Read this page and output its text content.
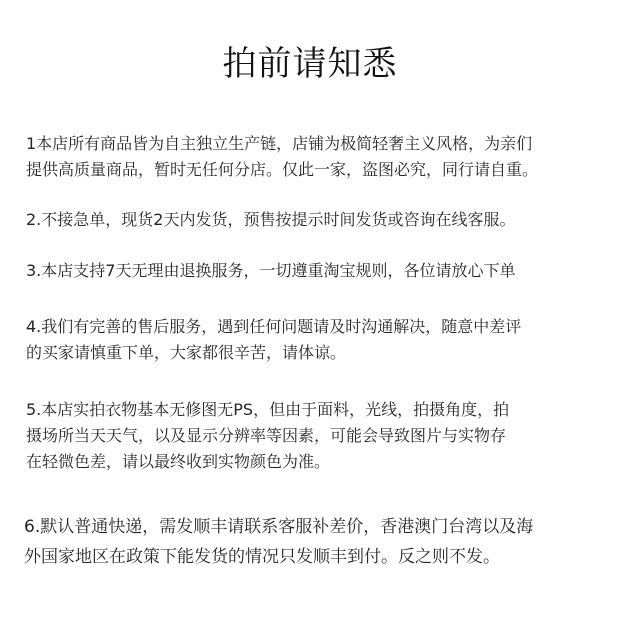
拍前请知悉

1本店所有商品皆为自主独立生产链，店铺为极简轻奢主义风格，为亲们
提供高质量商品，暂时无任何分店。仅此一家，盗图必究，同行请自重。

2.不接急单，现货2天内发货，预售按提示时间发货或咨询在线客服。

3.本店支持7天无理由退换服务，一切遵重淘宝规则，各位请放心下单

4.我们有完善的售后服务，遇到任何问题请及时沟通解决，随意中差评
的买家请慎重下单，大家都很辛苦，请体谅。

5.本店实拍衣物基本无修图无PS，但由于面料，光线，拍摄角度，拍
摄场所当天天气，以及显示分辨率等因素，可能会导致图片与实物存
在轻微色差，请以最终收到实物颜色为准。

6.默认普通快递，需发顺丰请联系客服补差价，香港澳门台湾以及海
外国家地区在政策下能发货的情况只发顺丰到付。反之则不发。
